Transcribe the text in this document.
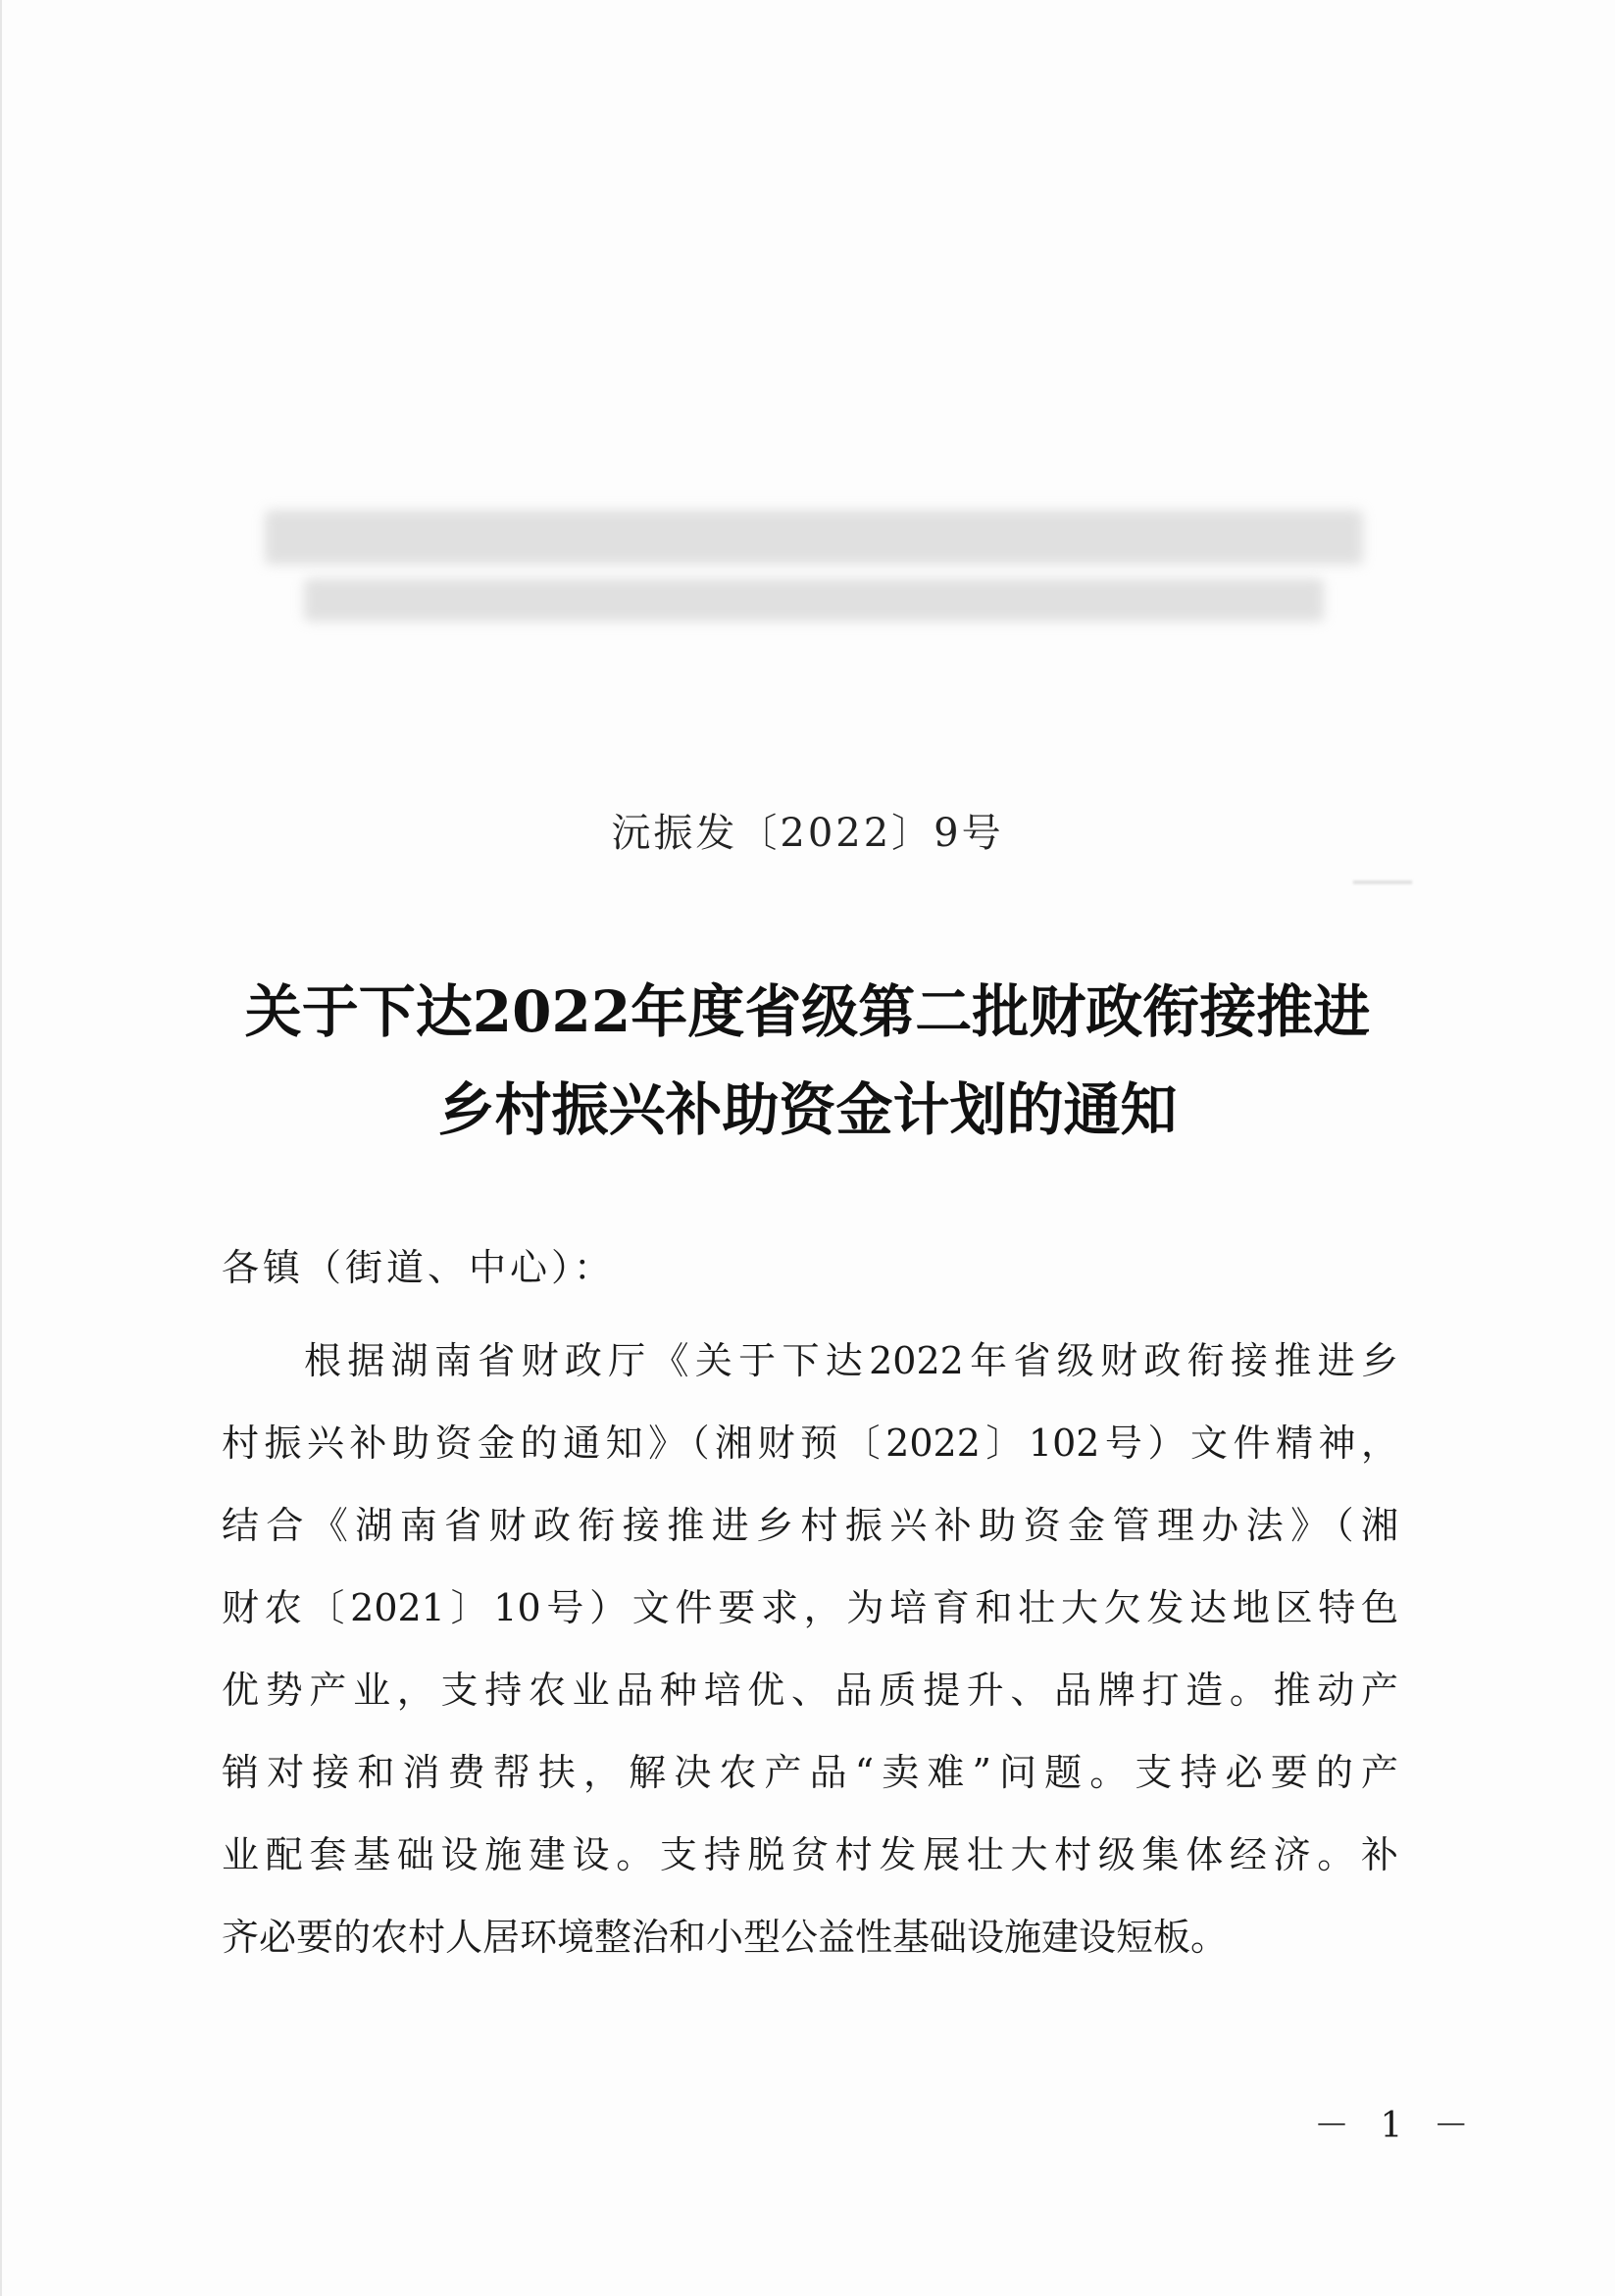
沅振发〔2022〕9号
关于下达2022年度省级第二批财政衔接推进
乡村振兴补助资金计划的通知
各镇（街道、中心）：
根据湖南省财政厅《关于下达2022年省级财政衔接推进乡
村振兴补助资金的通知》（湘财预〔2022〕102号）文件精神，
结合《湖南省财政衔接推进乡村振兴补助资金管理办法》（湘
财农〔2021〕10号）文件要求，为培育和壮大欠发达地区特色
优势产业，支持农业品种培优、品质提升、品牌打造。推动产
销对接和消费帮扶，解决农产品“卖难”问题。支持必要的产
业配套基础设施建设。支持脱贫村发展壮大村级集体经济。补
齐必要的农村人居环境整治和小型公益性基础设施建设短板。
－ 1 －
